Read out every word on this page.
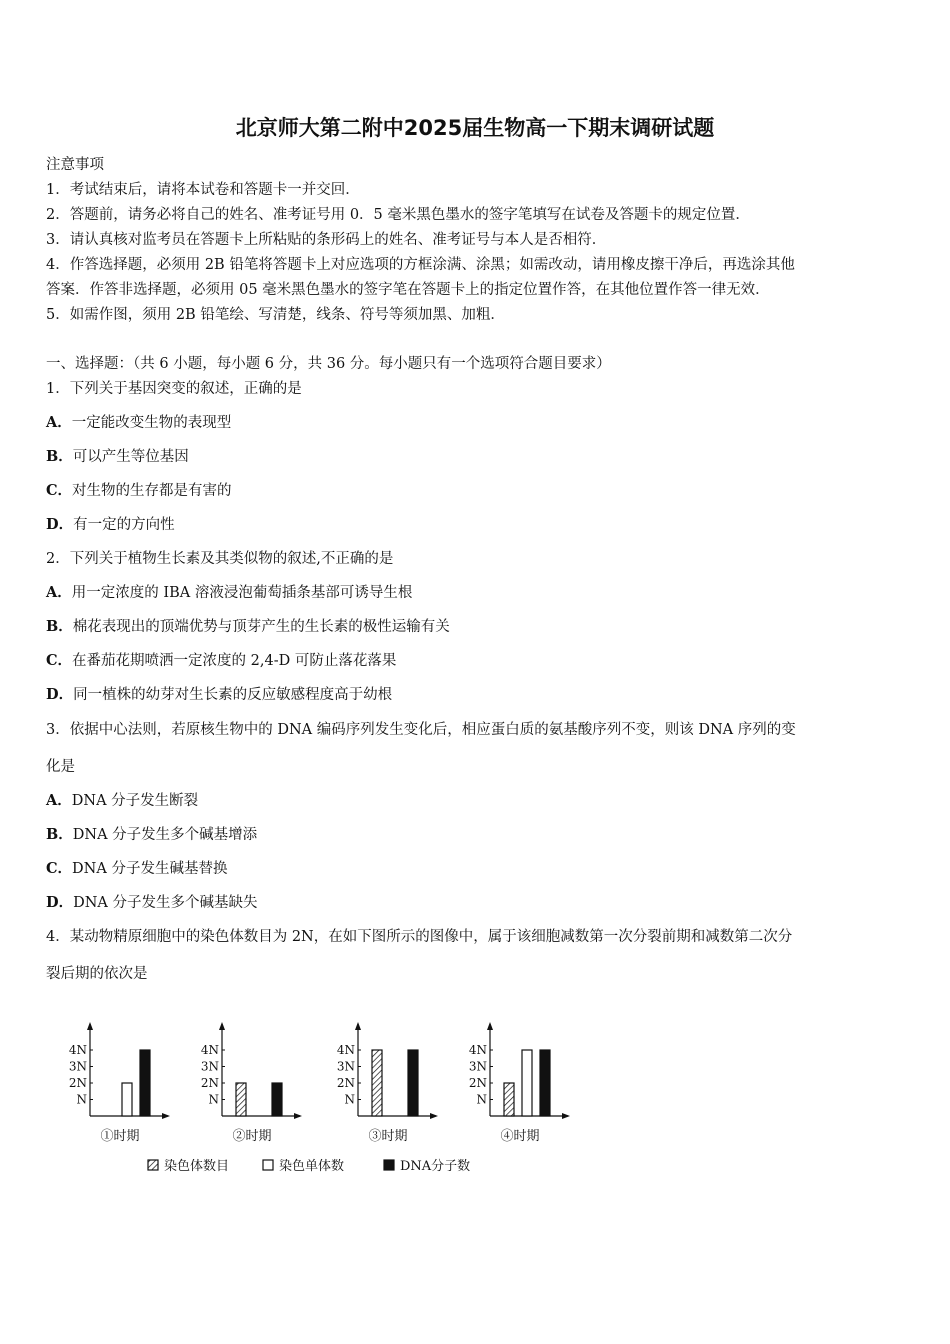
北京师大第二附中2025届生物高一下期末调研试题
注意事项
1．考试结束后，请将本试卷和答题卡一并交回．
2．答题前，请务必将自己的姓名、准考证号用 0．5 毫米黑色墨水的签字笔填写在试卷及答题卡的规定位置．
3．请认真核对监考员在答题卡上所粘贴的条形码上的姓名、准考证号与本人是否相符．
4．作答选择题，必须用 2B 铅笔将答题卡上对应选项的方框涂满、涂黑；如需改动，请用橡皮擦干净后，再选涂其他
答案．作答非选择题，必须用 05 毫米黑色墨水的签字笔在答题卡上的指定位置作答，在其他位置作答一律无效．
5．如需作图，须用 2B 铅笔绘、写清楚，线条、符号等须加黑、加粗．
一、选择题：（共 6 小题，每小题 6 分，共 36 分。每小题只有一个选项符合题目要求）
1．下列关于基因突变的叙述，正确的是
A．一定能改变生物的表现型
B．可以产生等位基因
C．对生物的生存都是有害的
D．有一定的方向性
2．下列关于植物生长素及其类似物的叙述,不正确的是
A．用一定浓度的 IBA 溶液浸泡葡萄插条基部可诱导生根
B．棉花表现出的顶端优势与顶芽产生的生长素的极性运输有关
C．在番茄花期喷洒一定浓度的 2,4-D 可防止落花落果
D．同一植株的幼芽对生长素的反应敏感程度高于幼根
3．依据中心法则，若原核生物中的 DNA 编码序列发生变化后，相应蛋白质的氨基酸序列不变，则该 DNA 序列的变
化是
A．DNA 分子发生断裂
B．DNA 分子发生多个碱基增添
C．DNA 分子发生碱基替换
D．DNA 分子发生多个碱基缺失
4．某动物精原细胞中的染色体数目为 2N，在如下图所示的图像中，属于该细胞减数第一次分裂前期和减数第二次分
裂后期的依次是
N
2N
3N
4N
①时期
N
2N
3N
4N
②时期
N
2N
3N
4N
③时期
N
2N
3N
4N
④时期
染色体数目	染色单体数	DNA分子数
